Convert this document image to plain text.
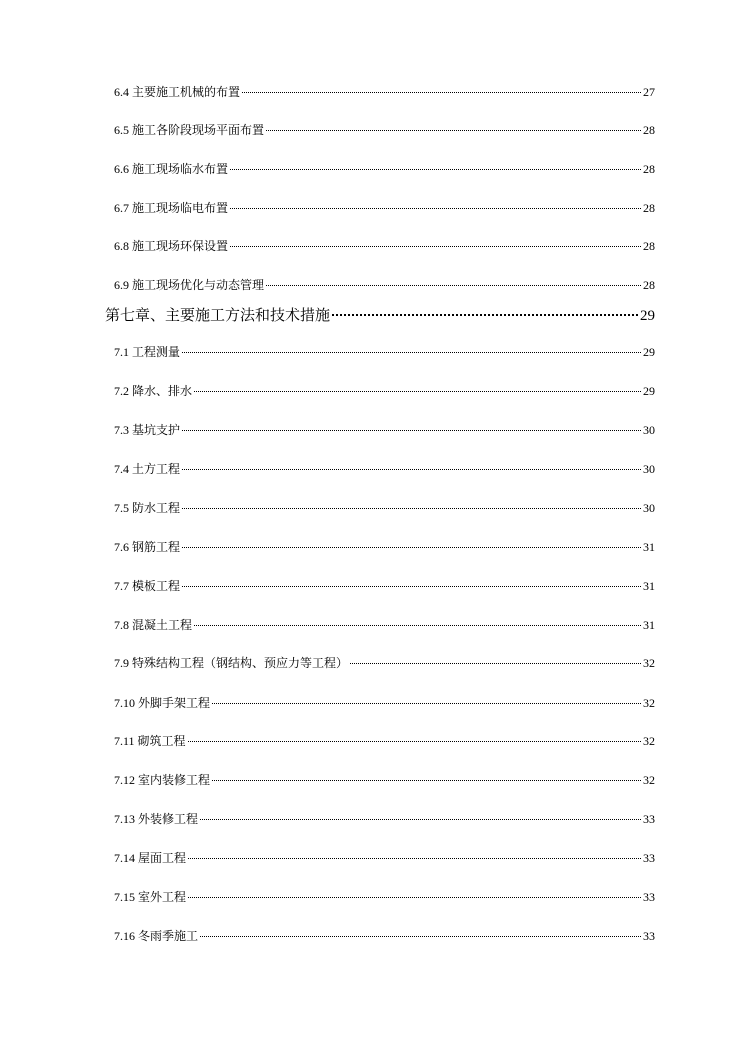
6.4 主要施工机械的布置	27
6.5 施工各阶段现场平面布置	28
6.6 施工现场临水布置	28
6.7 施工现场临电布置	28
6.8 施工现场环保设置	28
6.9 施工现场优化与动态管理	28
第七章、主要施工方法和技术措施	29
7.1 工程测量	29
7.2 降水、排水	29
7.3 基坑支护	30
7.4 土方工程	30
7.5 防水工程	30
7.6 钢筋工程	31
7.7 模板工程	31
7.8 混凝土工程	31
7.9 特殊结构工程（钢结构、预应力等工程）	32
7.10 外脚手架工程	32
7.11 砌筑工程	32
7.12 室内装修工程	32
7.13 外装修工程	33
7.14 屋面工程	33
7.15 室外工程	33
7.16 冬雨季施工	33
